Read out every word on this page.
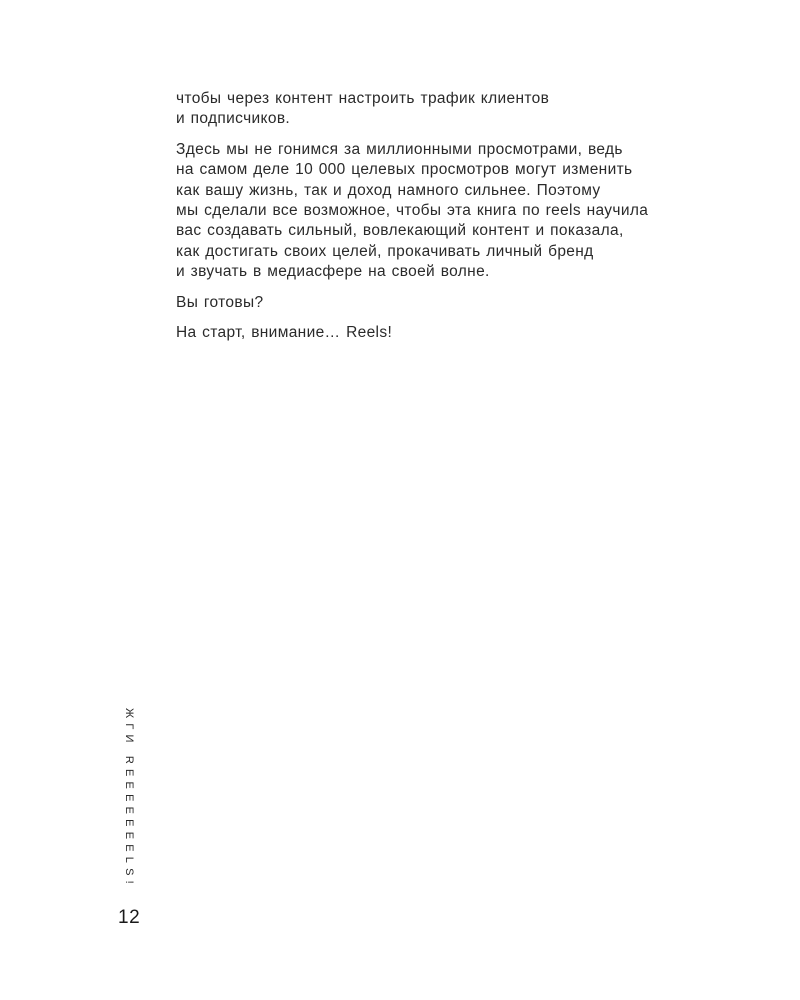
чтобы через контент настроить трафик клиентов
и подписчиков.

Здесь мы не гонимся за миллионными просмотрами, ведь
на самом деле 10 000 целевых просмотров могут изменить
как вашу жизнь, так и доход намного сильнее. Поэтому
мы сделали все возможное, чтобы эта книга по reels научила
вас создавать сильный, вовлекающий контент и показала,
как достигать своих целей, прокачивать личный бренд
и звучать в медиасфере на своей волне.

Вы готовы?

На старт, внимание… Reels!

ЖГИ REEEEEEELS!
12
